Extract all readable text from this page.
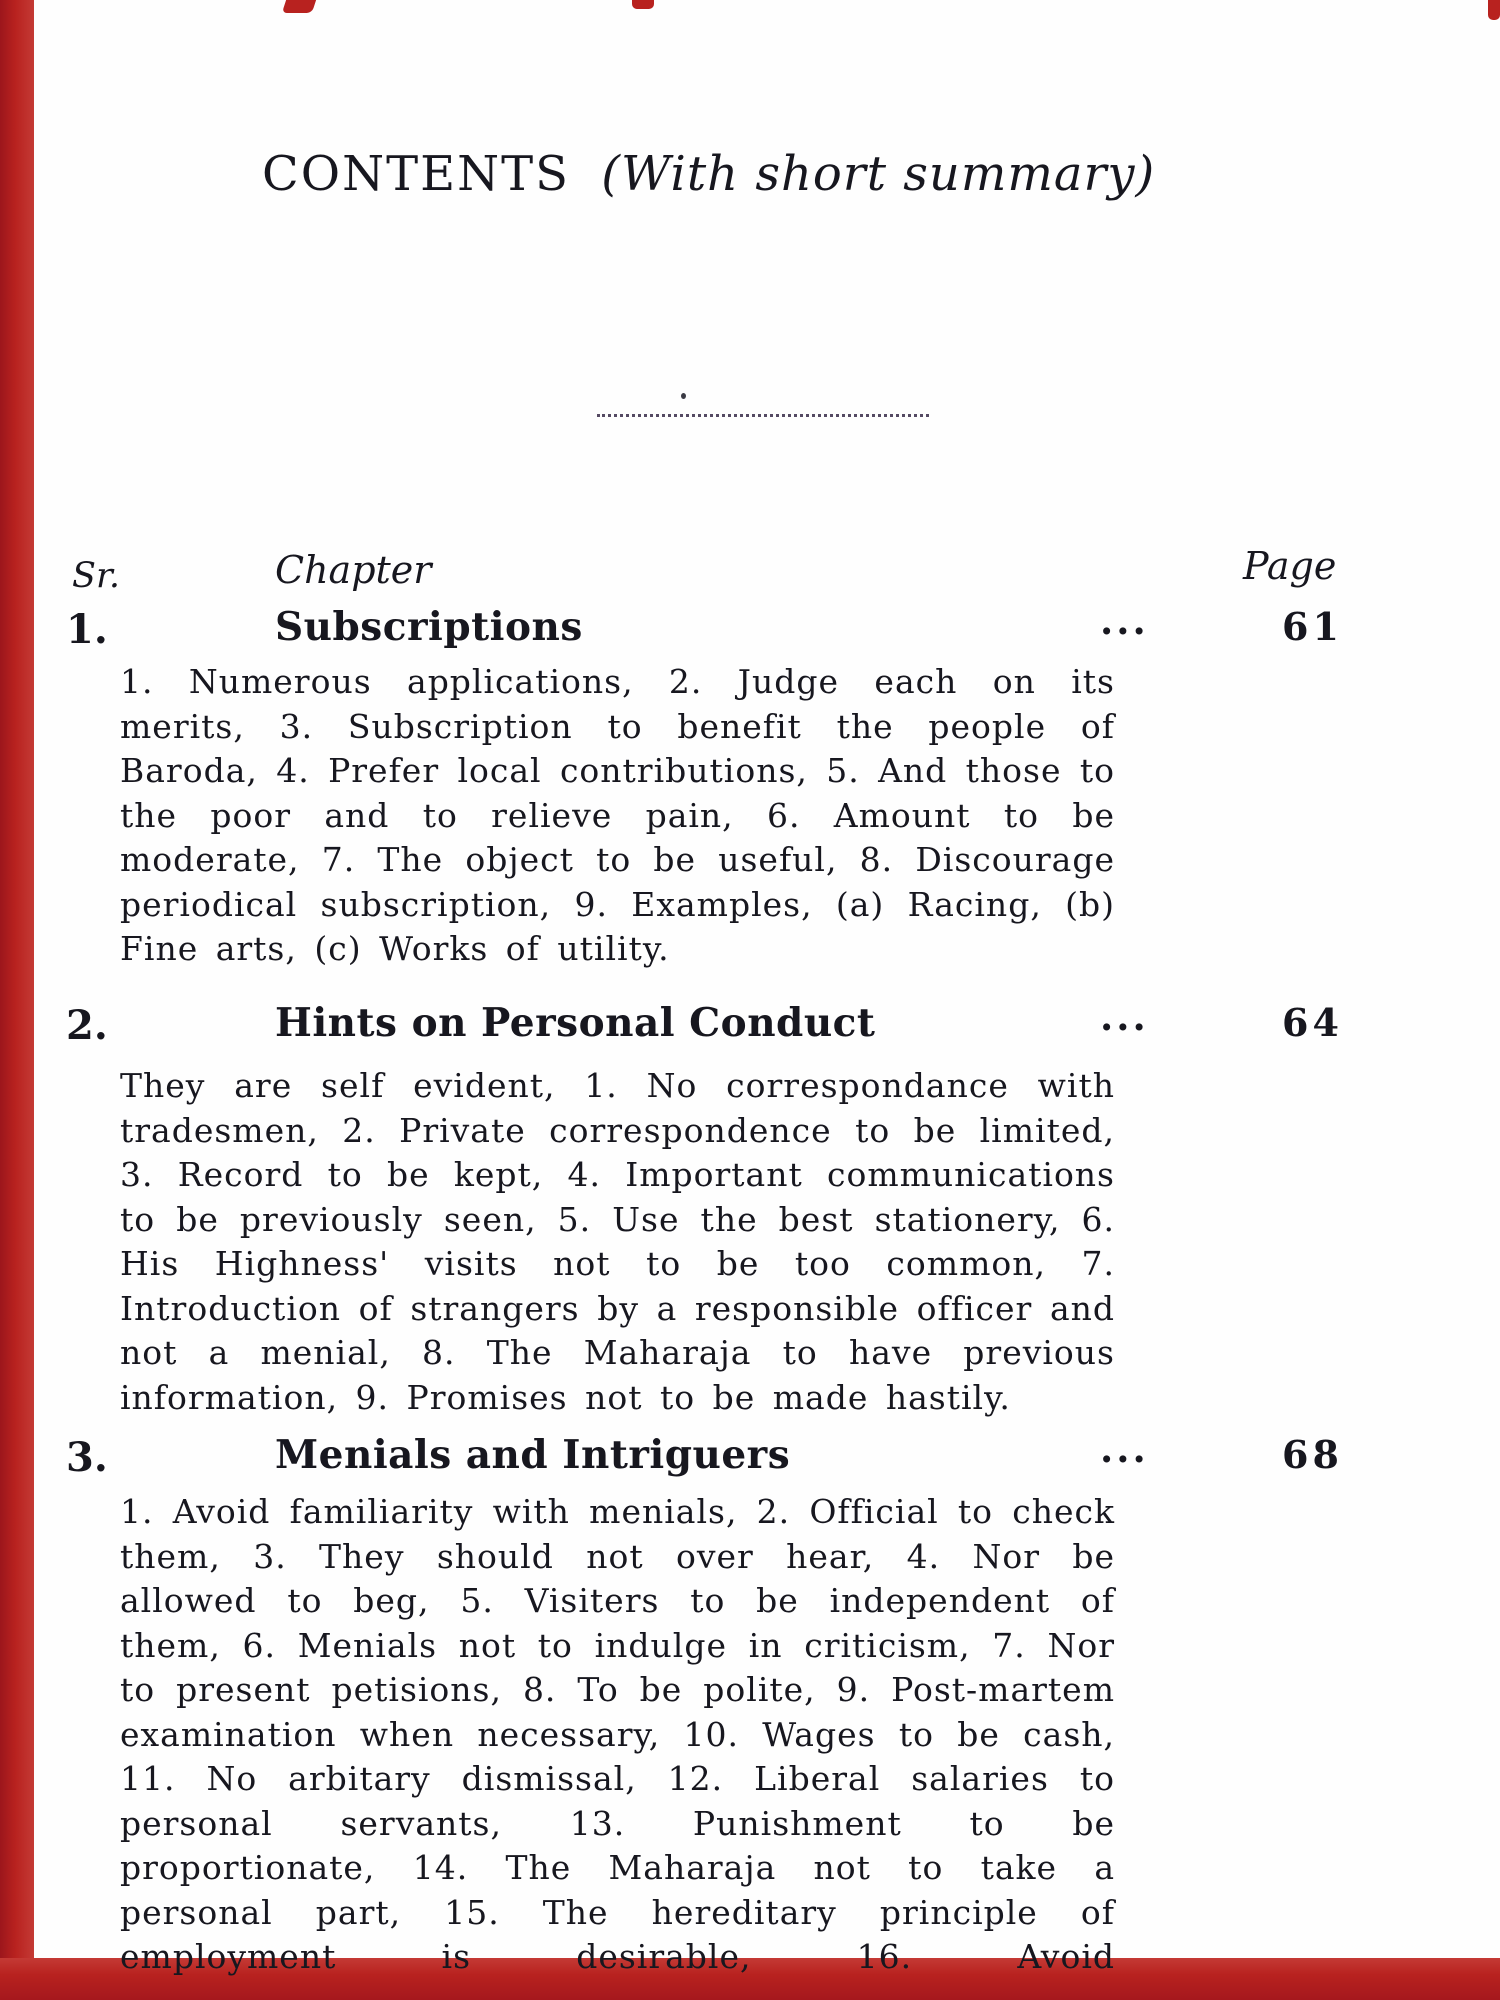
CONTENTS (With short summary)
Sr.	Chapter	Page
1.	Subscriptions	...	61
1. Numerous applications, 2. Judge each on its merits, 3. Subscription to benefit the people of Baroda, 4. Prefer local contributions, 5. And those to the poor and to relieve pain, 6. Amount to be moderate, 7. The object to be useful, 8. Discourage periodical subscription, 9. Examples, (a) Racing, (b) Fine arts, (c) Works of utility.
2.	Hints on Personal Conduct	...	64
They are self evident, 1. No correspondance with tradesmen, 2. Private correspondence to be limited, 3. Record to be kept, 4. Important communications to be previously seen, 5. Use the best stationery, 6. His Highness' visits not to be too common, 7. Introduction of strangers by a responsible officer and not a menial, 8. The Maharaja to have previous information, 9. Promises not to be made hastily.
3.	Menials and Intriguers	...	68
1. Avoid familiarity with menials, 2. Official to check them, 3. They should not over hear, 4. Nor be allowed to beg, 5. Visiters to be independent of them, 6. Menials not to indulge in criticism, 7. Nor to present petisions, 8. To be polite, 9. Post-martem examination when necessary, 10. Wages to be cash, 11. No arbitary dismissal, 12. Liberal salaries to personal servants, 13. Punishment to be proportionate, 14. The Maharaja not to take a personal part, 15. The hereditary principle of employment is desirable, 16. Avoid
